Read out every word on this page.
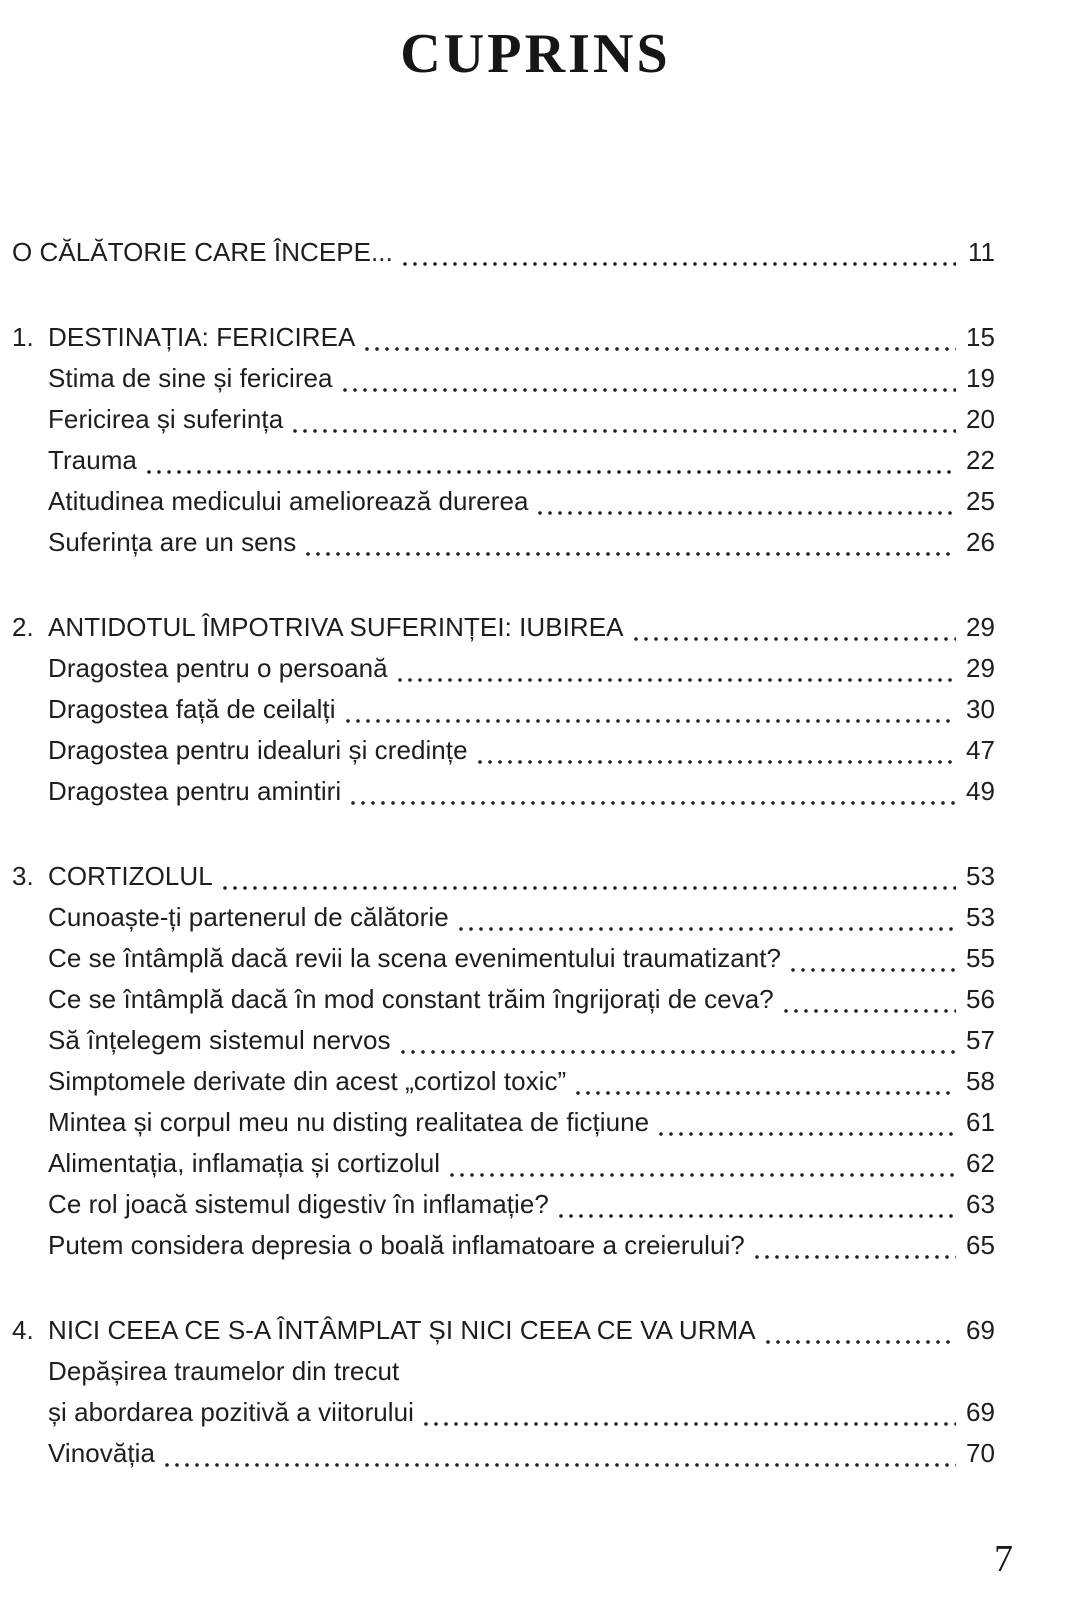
CUPRINS
O CĂLĂTORIE CARE ÎNCEPE...	11
1. DESTINAȚIA: FERICIREA	15
Stima de sine și fericirea	19
Fericirea și suferința	20
Trauma	22
Atitudinea medicului ameliorează durerea	25
Suferința are un sens	26
2. ANTIDOTUL ÎMPOTRIVA SUFERINȚEI: IUBIREA	29
Dragostea pentru o persoană	29
Dragostea față de ceilalți	30
Dragostea pentru idealuri și credințe	47
Dragostea pentru amintiri	49
3. CORTIZOLUL	53
Cunoaște-ți partenerul de călătorie	53
Ce se întâmplă dacă revii la scena evenimentului traumatizant?	55
Ce se întâmplă dacă în mod constant trăim îngrijorați de ceva?	56
Să înțelegem sistemul nervos	57
Simptomele derivate din acest „cortizol toxic”	58
Mintea și corpul meu nu disting realitatea de ficțiune	61
Alimentația, inflamația și cortizolul	62
Ce rol joacă sistemul digestiv în inflamație?	63
Putem considera depresia o boală inflamatoare a creierului?	65
4. NICI CEEA CE S-A ÎNTÂMPLAT ȘI NICI CEEA CE VA URMA	69
Depășirea traumelor din trecut
și abordarea pozitivă a viitorului	69
Vinovăția	70
7
